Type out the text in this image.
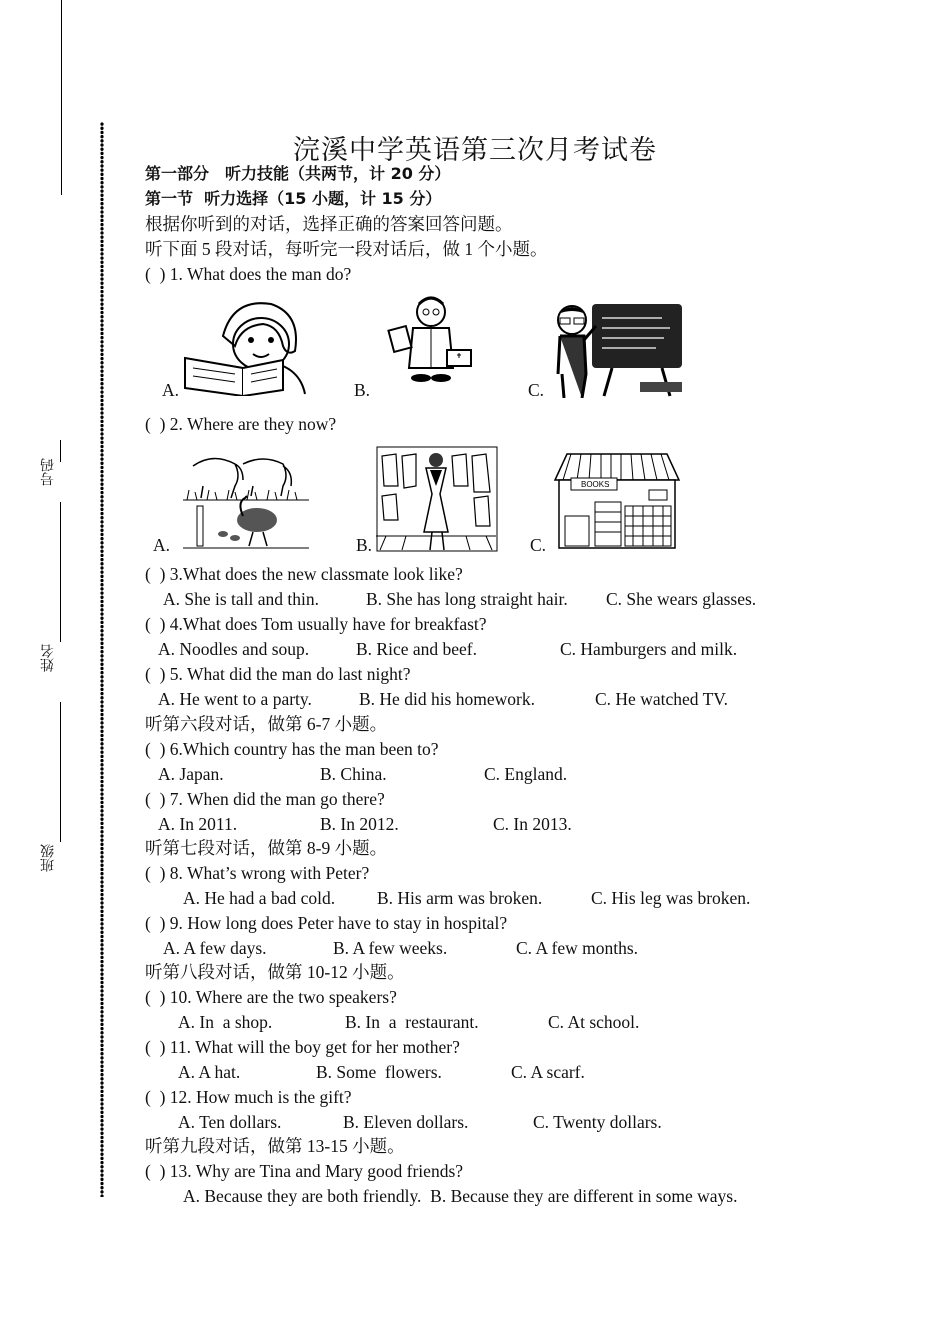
号码
姓名
班级
浣溪中学英语第三次月考试卷
第一部分　听力技能（共两节，计 20 分）
第一节  听力选择（15 小题，计 15 分）
根据你听到的对话，选择正确的答案回答问题。
听下面 5 段对话，每听完一段对话后，做 1 个小题。
(  ) 1. What does the man do?
A.	B.	C.
(  ) 2. Where are they now?
A.	B.	C.
BOOKS
(  ) 3.What does the new classmate look like?
A. She is tall and thin.	B. She has long straight hair. C. She wears glasses.
(  ) 4.What does Tom usually have for breakfast?
A. Noodles and soup.	B. Rice and beef.	C. Hamburgers and milk.
(  ) 5. What did the man do last night?
A. He went to a party.	B. He did his homework.	C. He watched TV.
听第六段对话，做第 6-7 小题。
(  ) 6.Which country has the man been to?
A. Japan.	B. China.	C. England.
(  ) 7. When did the man go there?
A. In 2011.	B. In 2012.	C. In 2013.
听第七段对话，做第 8-9 小题。
(  ) 8. What’s wrong with Peter?
A. He had a bad cold. B. His arm was broken.	C. His leg was broken.
(  ) 9. How long does Peter have to stay in hospital?
A. A few days.	B. A few weeks.	C. A few months.
听第八段对话，做第 10-12 小题。
(  ) 10. Where are the two speakers?
A. In  a shop.	B. In  a  restaurant.	C. At school.
(  ) 11. What will the boy get for her mother?
A. A hat.	B. Some  flowers.	C. A scarf.
(  ) 12. How much is the gift?
A. Ten dollars.	B. Eleven dollars.	C. Twenty dollars.
听第九段对话，做第 13-15 小题。
(  ) 13. Why are Tina and Mary good friends?
A. Because they are both friendly.  B. Because they are different in some ways.
